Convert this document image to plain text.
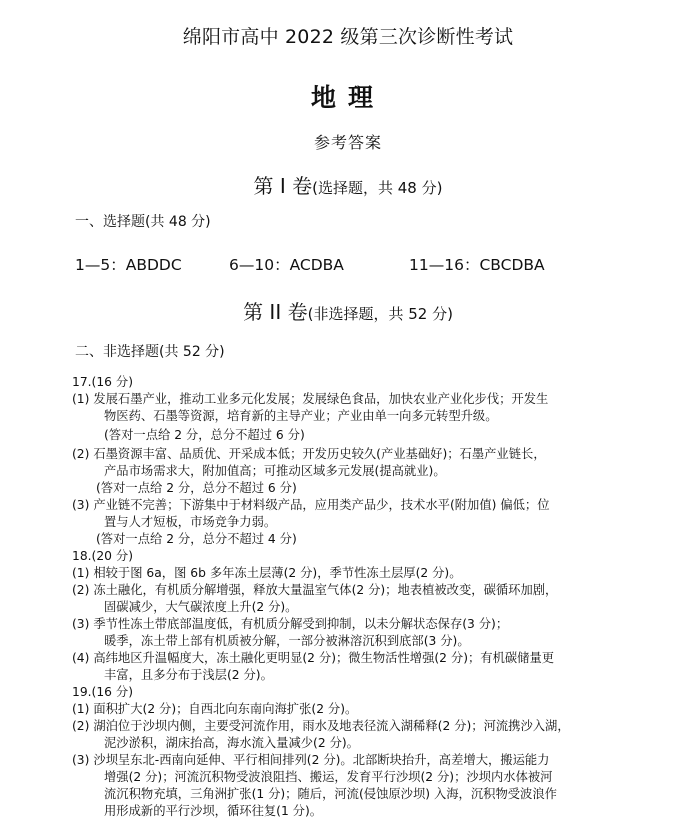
绵阳市高中 2022 级第三次诊断性考试
地理
参考答案
第 I 卷(选择题，共 48 分)
一、选择题(共 48 分)
1—5：ABDDC	6—10：ACDBA	11—16：CBCDBA
第 II 卷(非选择题，共 52 分)
二、非选择题(共 52 分)
17.(16 分)
(1) 发展石墨产业，推动工业多元化发展；发展绿色食品，加快农业产业化步伐；开发生
物医药、石墨等资源，培育新的主导产业；产业由单一向多元转型升级。
(答对一点给 2 分，总分不超过 6 分)
(2) 石墨资源丰富、品质优、开采成本低；开发历史较久(产业基础好)；石墨产业链长，
产品市场需求大，附加值高；可推动区域多元发展(提高就业)。
(答对一点给 2 分，总分不超过 6 分)
(3) 产业链不完善；下游集中于材料级产品，应用类产品少，技术水平(附加值) 偏低；位
置与人才短板，市场竞争力弱。
(答对一点给 2 分，总分不超过 4 分)
18.(20 分)
(1) 相较于图 6a，图 6b 多年冻土层薄(2 分)，季节性冻土层厚(2 分)。
(2) 冻土融化，有机质分解增强，释放大量温室气体(2 分)；地表植被改变，碳循环加剧，
固碳减少，大气碳浓度上升(2 分)。
(3) 季节性冻土带底部温度低，有机质分解受到抑制，以未分解状态保存(3 分)；
暖季，冻土带上部有机质被分解，一部分被淋溶沉积到底部(3 分)。
(4) 高纬地区升温幅度大，冻土融化更明显(2 分)；微生物活性增强(2 分)；有机碳储量更
丰富，且多分布于浅层(2 分)。
19.(16 分)
(1) 面积扩大(2 分)；自西北向东南向海扩张(2 分)。
(2) 湖泊位于沙坝内侧，主要受河流作用，雨水及地表径流入湖稀释(2 分)；河流携沙入湖，
泥沙淤积，湖床抬高，海水流入量减少(2 分)。
(3) 沙坝呈东北-西南向延伸、平行相间排列(2 分)。北部断块抬升，高差增大，搬运能力
增强(2 分)；河流沉积物受波浪阻挡、搬运，发育平行沙坝(2 分)；沙坝内水体被河
流沉积物充填，三角洲扩张(1 分)；随后，河流(侵蚀原沙坝) 入海，沉积物受波浪作
用形成新的平行沙坝，循环往复(1 分)。
